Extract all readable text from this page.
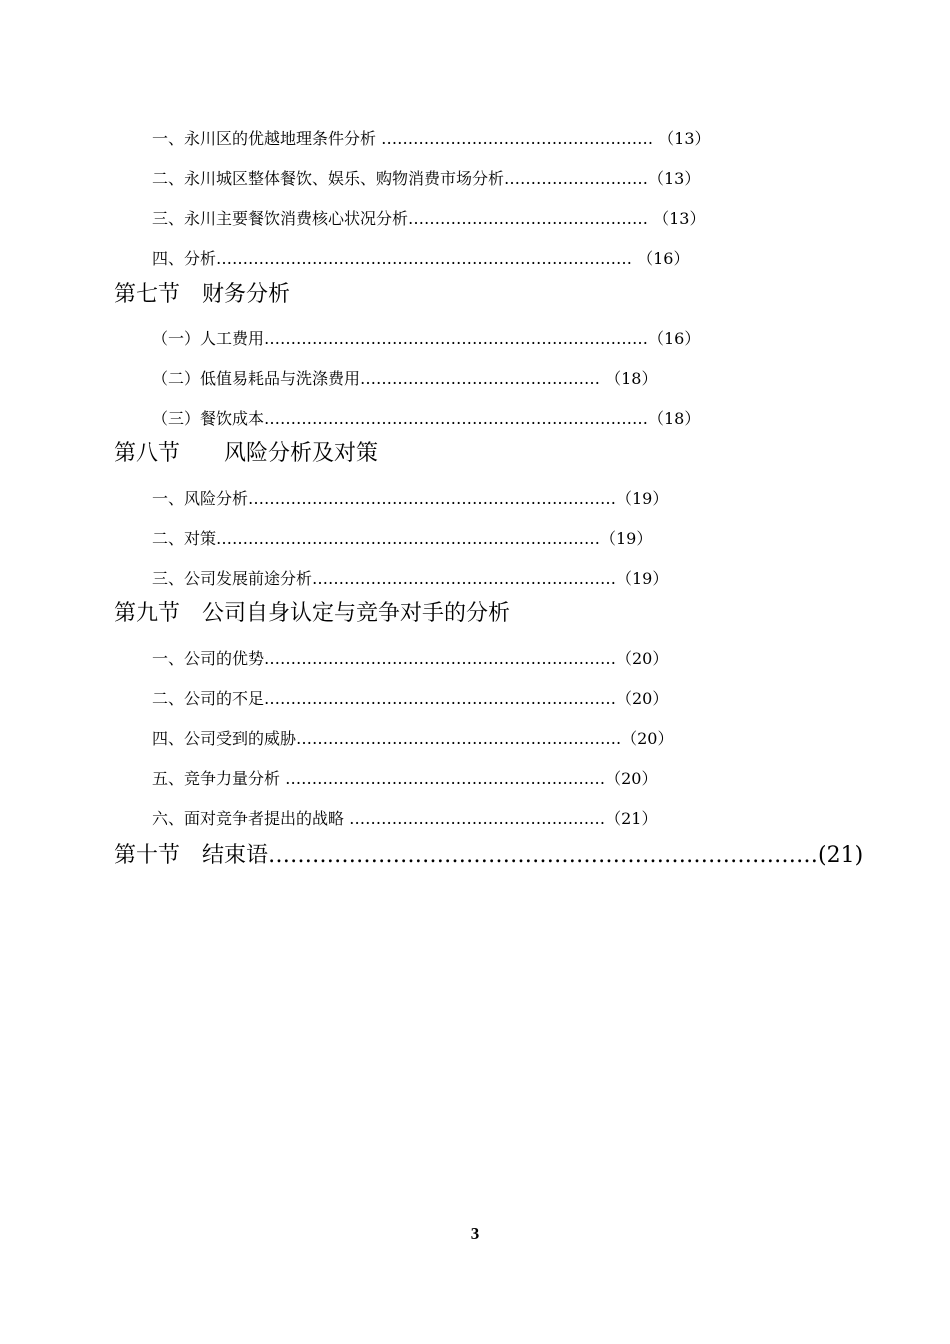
一、永川区的优越地理条件分析 …………………………………………… （13）
二、永川城区整体餐饮、娱乐、购物消费市场分析………………………（13）
三、永川主要餐饮消费核心状况分析……………………………………… （13）
四、分析…………………………………………………………………… （16）
第七节　财务分析
（一）人工费用………………………………………………………………（16）
（二）低值易耗品与洗涤费用……………………………………… （18）
（三）餐饮成本………………………………………………………………（18）
第八节　　风险分析及对策
一、风险分析……………………………………………………………（19）
二、对策………………………………………………………………（19）
三、公司发展前途分析…………………………………………………（19）
第九节　公司自身认定与竞争对手的分析
一、公司的优势…………………………………………………………（20）
二、公司的不足…………………………………………………………（20）
四、公司受到的威胁…………………………………………………….（20）
五、竞争力量分析 ……………………………………………………（20）
六、面对竞争者提出的战略 …………………………………………（21）
第十节　结束语…………………………………………………………………(21)
3
